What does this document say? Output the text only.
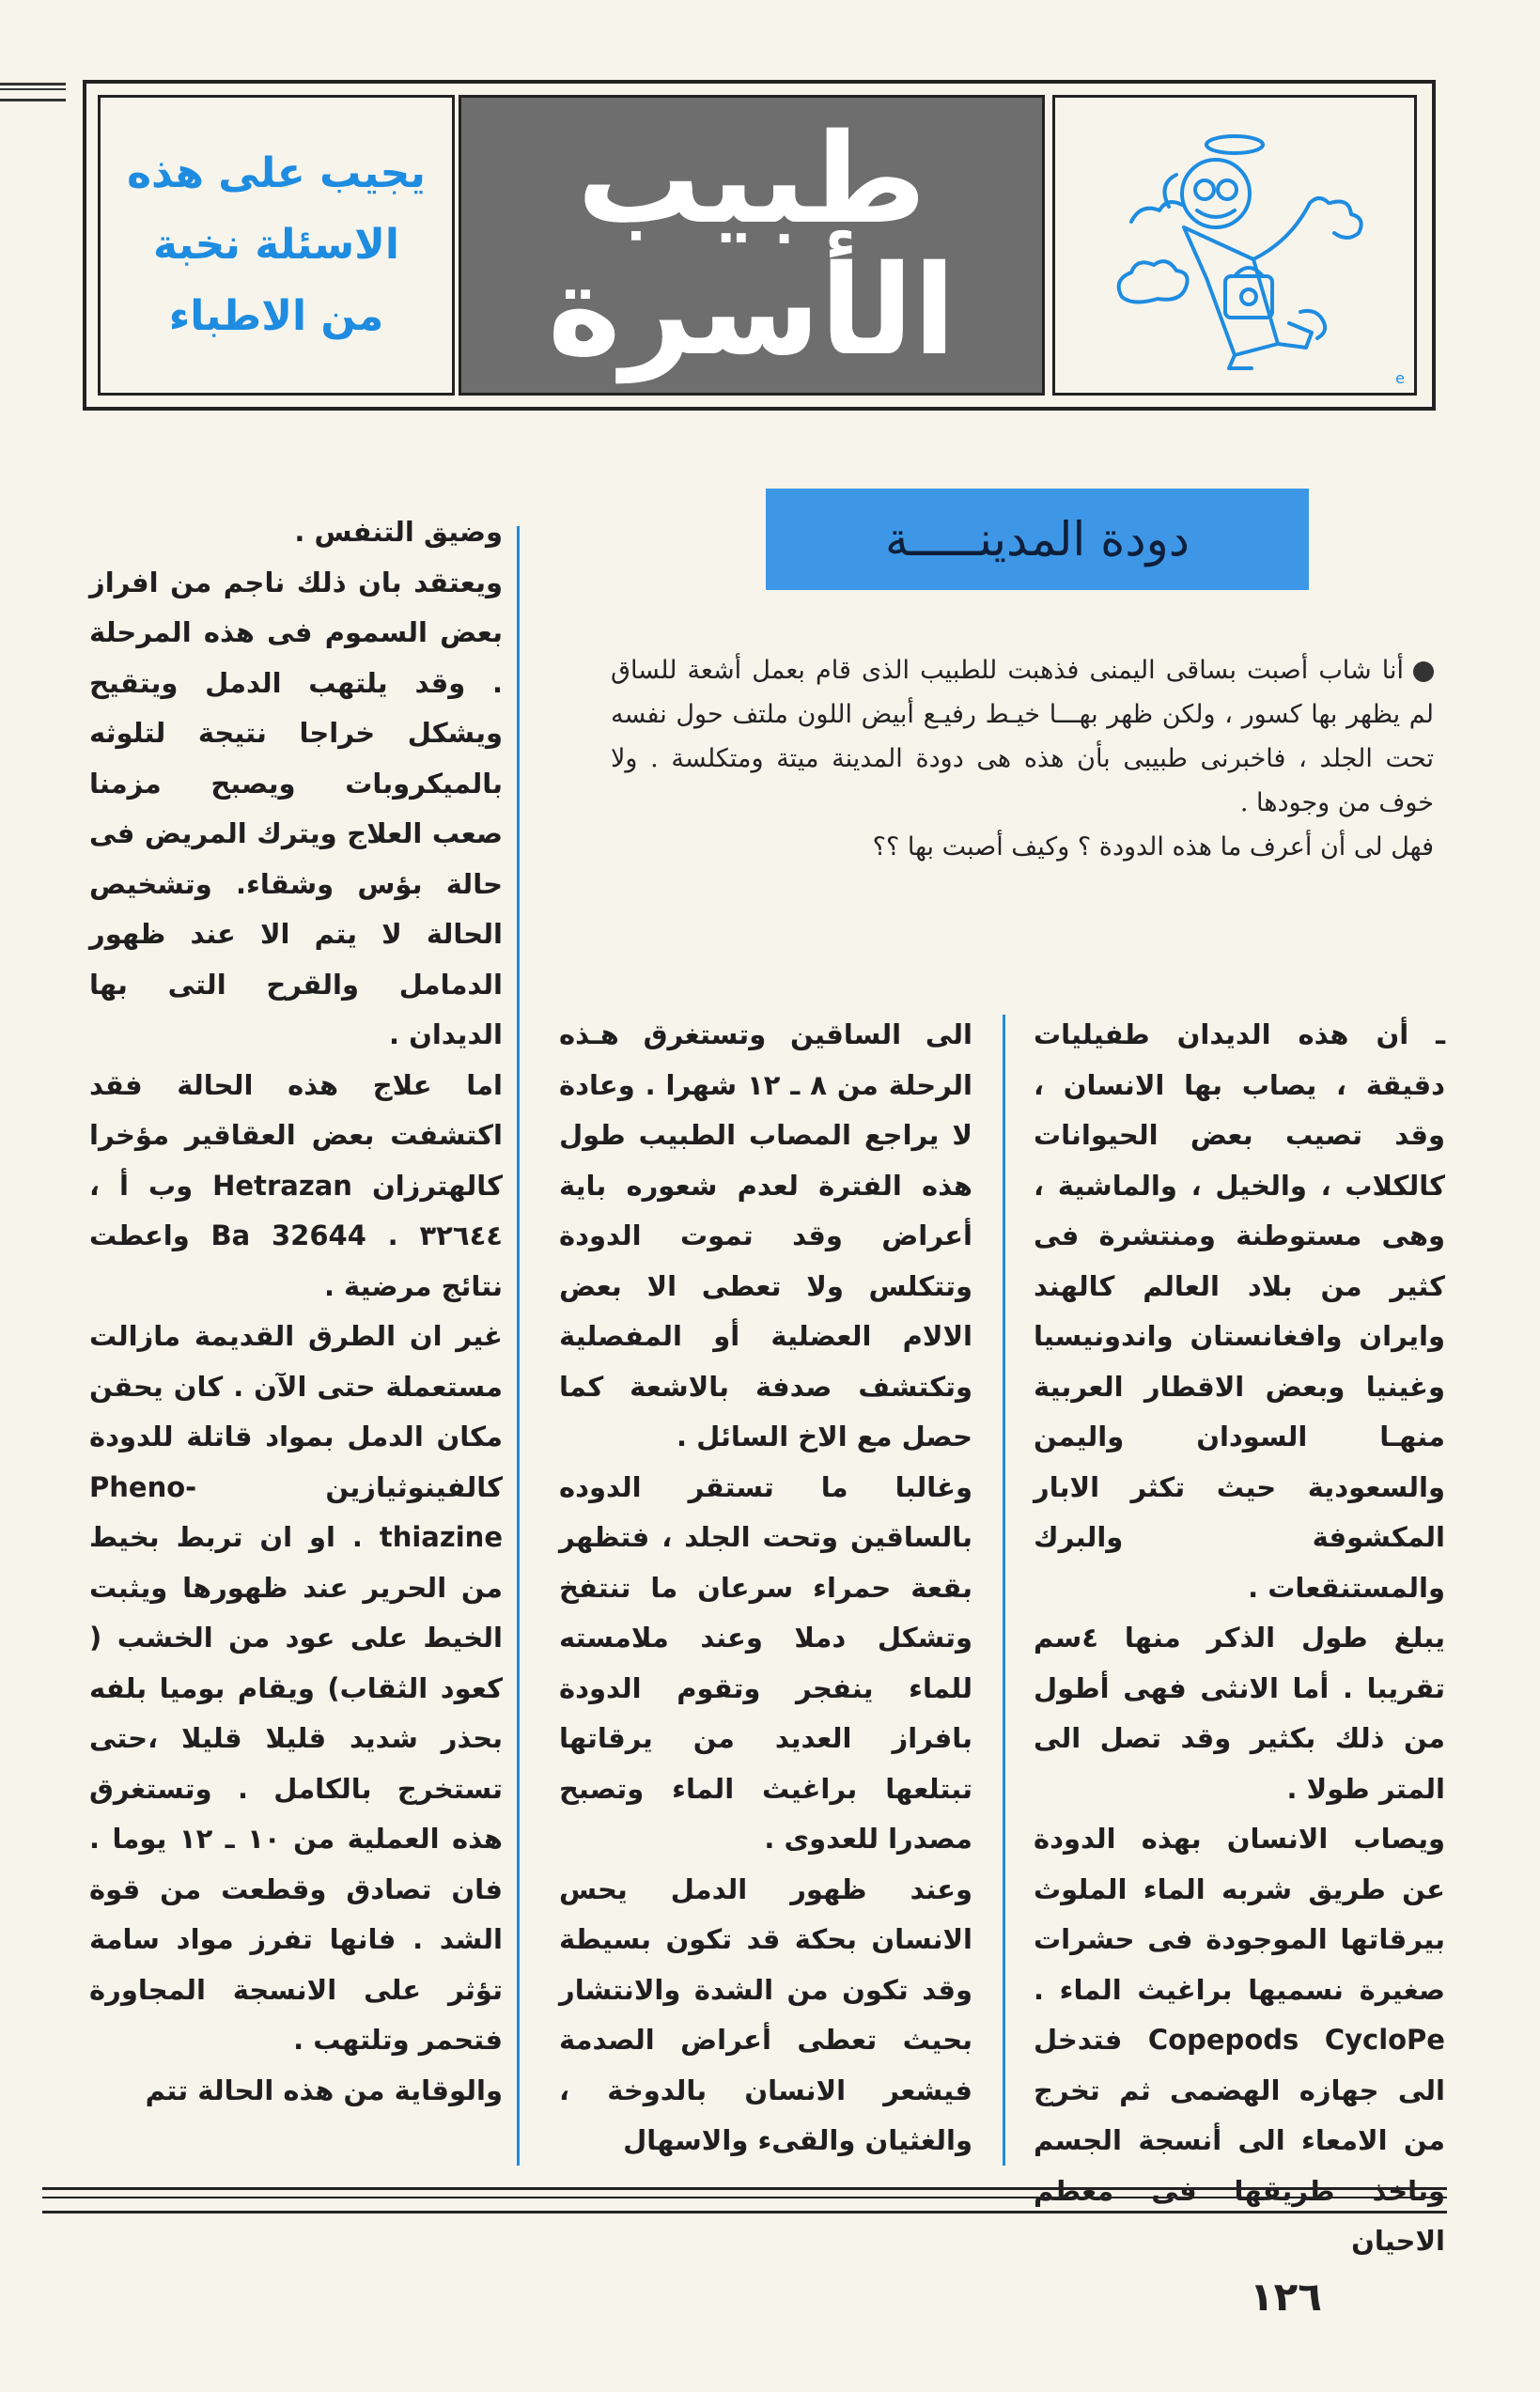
يجيب على هذه
الاسئلة نخبة
من الاطباء
طبيب
الأسرة	e
دودة المدينـــــة

أنا شاب أصبت بساقى اليمنى فذهبت للطبيب الذى قام بعمل أشعة للساق لم يظهر بها كسور ، ولكن ظهر بهـــا خيـط رفيـع أبيض اللون ملتف حول نفسه تحت الجلد ، فاخبرنى طبيبى بأن هذه هى دودة المدينة ميتة ومتكلسة . ولا خوف من وجودها .

فهل لى أن أعرف ما هذه الدودة ؟ وكيف أصبت بها ؟؟

ـ أن هذه الديدان طفيليات دقيقة ، يصاب بها الانسان ، وقد تصيب بعض الحيوانات كالكلاب ، والخيل ، والماشية ، وهى مستوطنة ومنتشرة فى كثير من بلاد العالم كالهند وايران وافغانستان واندونيسيا وغينيا وبعض الاقطار العربية منهـا السودان واليمن والسعودية حيث تكثر الابار المكشوفة والبرك والمستنقعات .

يبلغ طول الذكر منها ٤سم تقريبا . أما الانثى فهى أطول من ذلك بكثير وقد تصل الى المتر طولا .

ويصاب الانسان بهذه الدودة عن طريق شربه الماء الملوث بيرقاتها الموجودة فى حشرات صغيرة نسميها براغيث الماء . Copepods CycloPe فتدخل الى جهازه الهضمى ثم تخرج من الامعاء الى أنسجة الجسم وتاخذ طريقها فى معظم الاحيان

الى الساقين وتستغرق هـذه الرحلة من ٨ ـ ١٢ شهرا . وعادة لا يراجع المصاب الطبيب طول هذه الفترة لعدم شعوره باية أعراض وقد تموت الدودة وتتكلس ولا تعطى الا بعض الالام العضلية أو المفصلية وتكتشف صدفة بالاشعة كما حصل مع الاخ السائل .

وغالبا ما تستقر الدوده بالساقين وتحت الجلد ، فتظهر بقعة حمراء سرعان ما تنتفخ وتشكل دملا وعند ملامسته للماء ينفجر وتقوم الدودة بافراز العديد من يرقاتها تبتلعها براغيث الماء وتصبح مصدرا للعدوى .

وعند ظهور الدمل يحس الانسان بحكة قد تكون بسيطة وقد تكون من الشدة والانتشار بحيث تعطى أعراض الصدمة فيشعر الانسان بالدوخة ، والغثيان والقىء والاسهال

وضيق التنفس .

ويعتقد بان ذلك ناجم من افراز بعض السموم فى هذه المرحلة . وقد يلتهب الدمل ويتقيح ويشكل خراجا نتيجة لتلوثه بالميكروبات ويصبح مزمنا صعب العلاج ويترك المريض فى حالة بؤس وشقاء. وتشخيص الحالة لا يتم الا عند ظهور الدمامل والقرح التى بها الديدان .

اما علاج هذه الحالة فقد اكتشفت بعض العقاقير مؤخرا كالهترزان Hetrazan وب أ ، ٣٢٦٤٤ . Ba 32644 واعطت نتائج مرضية .

غير ان الطرق القديمة مازالت مستعملة حتى الآن . كان يحقن مكان الدمل بمواد قاتلة للدودة كالفينوثيازين Pheno-thiazine . او ان تربط بخيط من الحرير عند ظهورها ويثبت الخيط على عود من الخشب ( كعود الثقاب) ويقام بوميا بلفه بحذر شديد قليلا قليلا ،حتى تستخرج بالكامل . وتستغرق هذه العملية من ١٠ ـ ١٢ يوما . فان تصادق وقطعت من قوة الشد . فانها تفرز مواد سامة تؤثر على الانسجة المجاورة فتحمر وتلتهب .

والوقاية من هذه الحالة تتم

١٢٦
